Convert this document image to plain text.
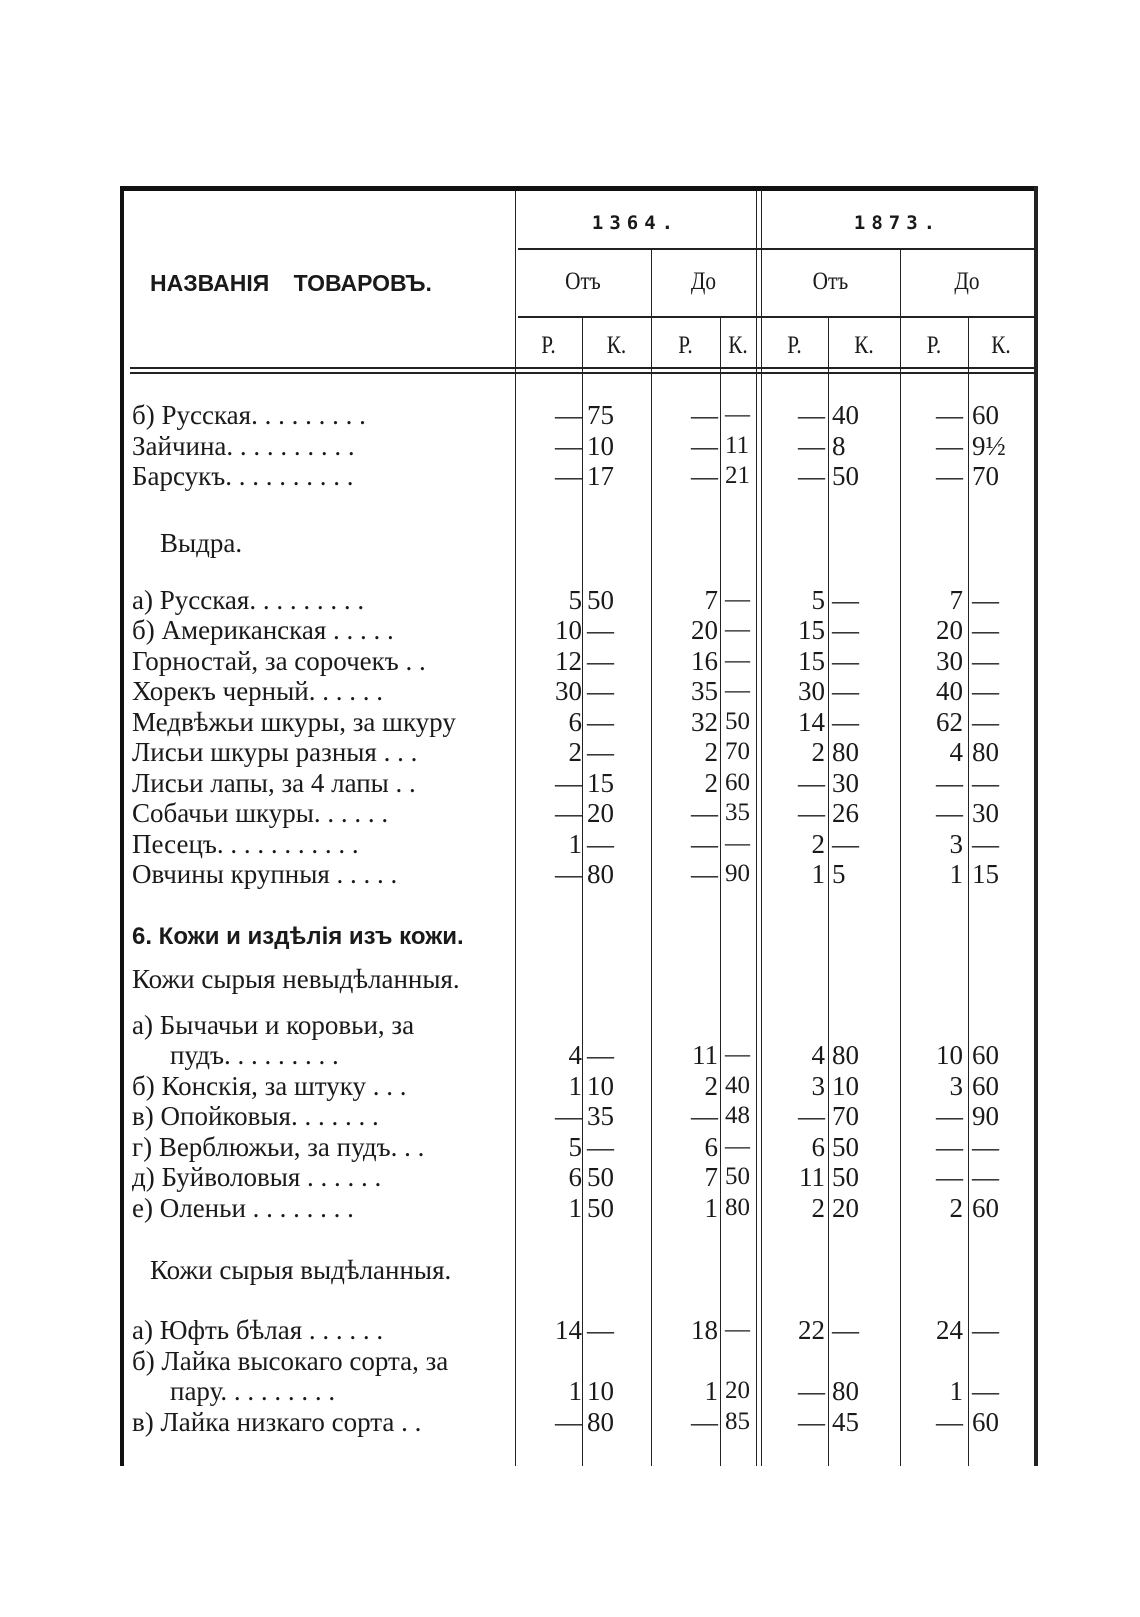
НАЗВАНІЯ ТОВАРОВЪ.
1364.	1873.
Отъ	До	Отъ	До
Р.	К.	Р.	К.	Р.	К.	Р.	К.
б) Русская. . . . . . . . .	— 75	— —	— 40	— 60
Зайчина. . . . . . . . . .	— 10	— 11	— 8	— 9½
Барсукъ. . . . . . . . . .	— 17	— 21	— 50	— 70
Выдра.
а) Русская. . . . . . . . .	5 50	7 —	5 —	7 —
б) Американская . . . . .	10 —	20 —	15 —	20 —
Горностай, за сорочекъ . .	12 —	16 —	15 —	30 —
Хорекъ черный. . . . . .	30 —	35 —	30 —	40 —
Медвѣжьи шкуры, за шкуру	6 —	32 50	14 —	62 —
Лисьи шкуры разныя . . .	2 —	2 70	2 80	4 80
Лисьи лапы, за 4 лапы . .	— 15	2 60	— 30	— —
Собачьи шкуры. . . . . .	— 20	— 35	— 26	— 30
Песецъ. . . . . . . . . . .	1 —	— —	2 —	3 —
Овчины крупныя . . . . .	— 80	— 90	1 5	1 15
6. Кожи и издѣлія изъ кожи.
Кожи сырыя невыдѣланныя.
а) Бычачьи и коровьи, за
пудъ. . . . . . . . .	4 —	11 —	4 80	10 60
б) Конскія, за штуку . . .	1 10	2 40	3 10	3 60
в) Опойковыя. . . . . . .	— 35	— 48	— 70	— 90
г) Верблюжьи, за пудъ. . .	5 —	6 —	6 50	— —
д) Буйволовыя . . . . . .	6 50	7 50	11 50	— —
е) Оленьи . . . . . . . .	1 50	1 80	2 20	2 60
Кожи сырыя выдѣланныя.
а) Юфть бѣлая . . . . . .	14 —	18 —	22 —	24 —
б) Лайка высокаго сорта, за
пару. . . . . . . . .	1 10	1 20	— 80	1 —
в) Лайка низкаго сорта . .	— 80	— 85	— 45	— 60
